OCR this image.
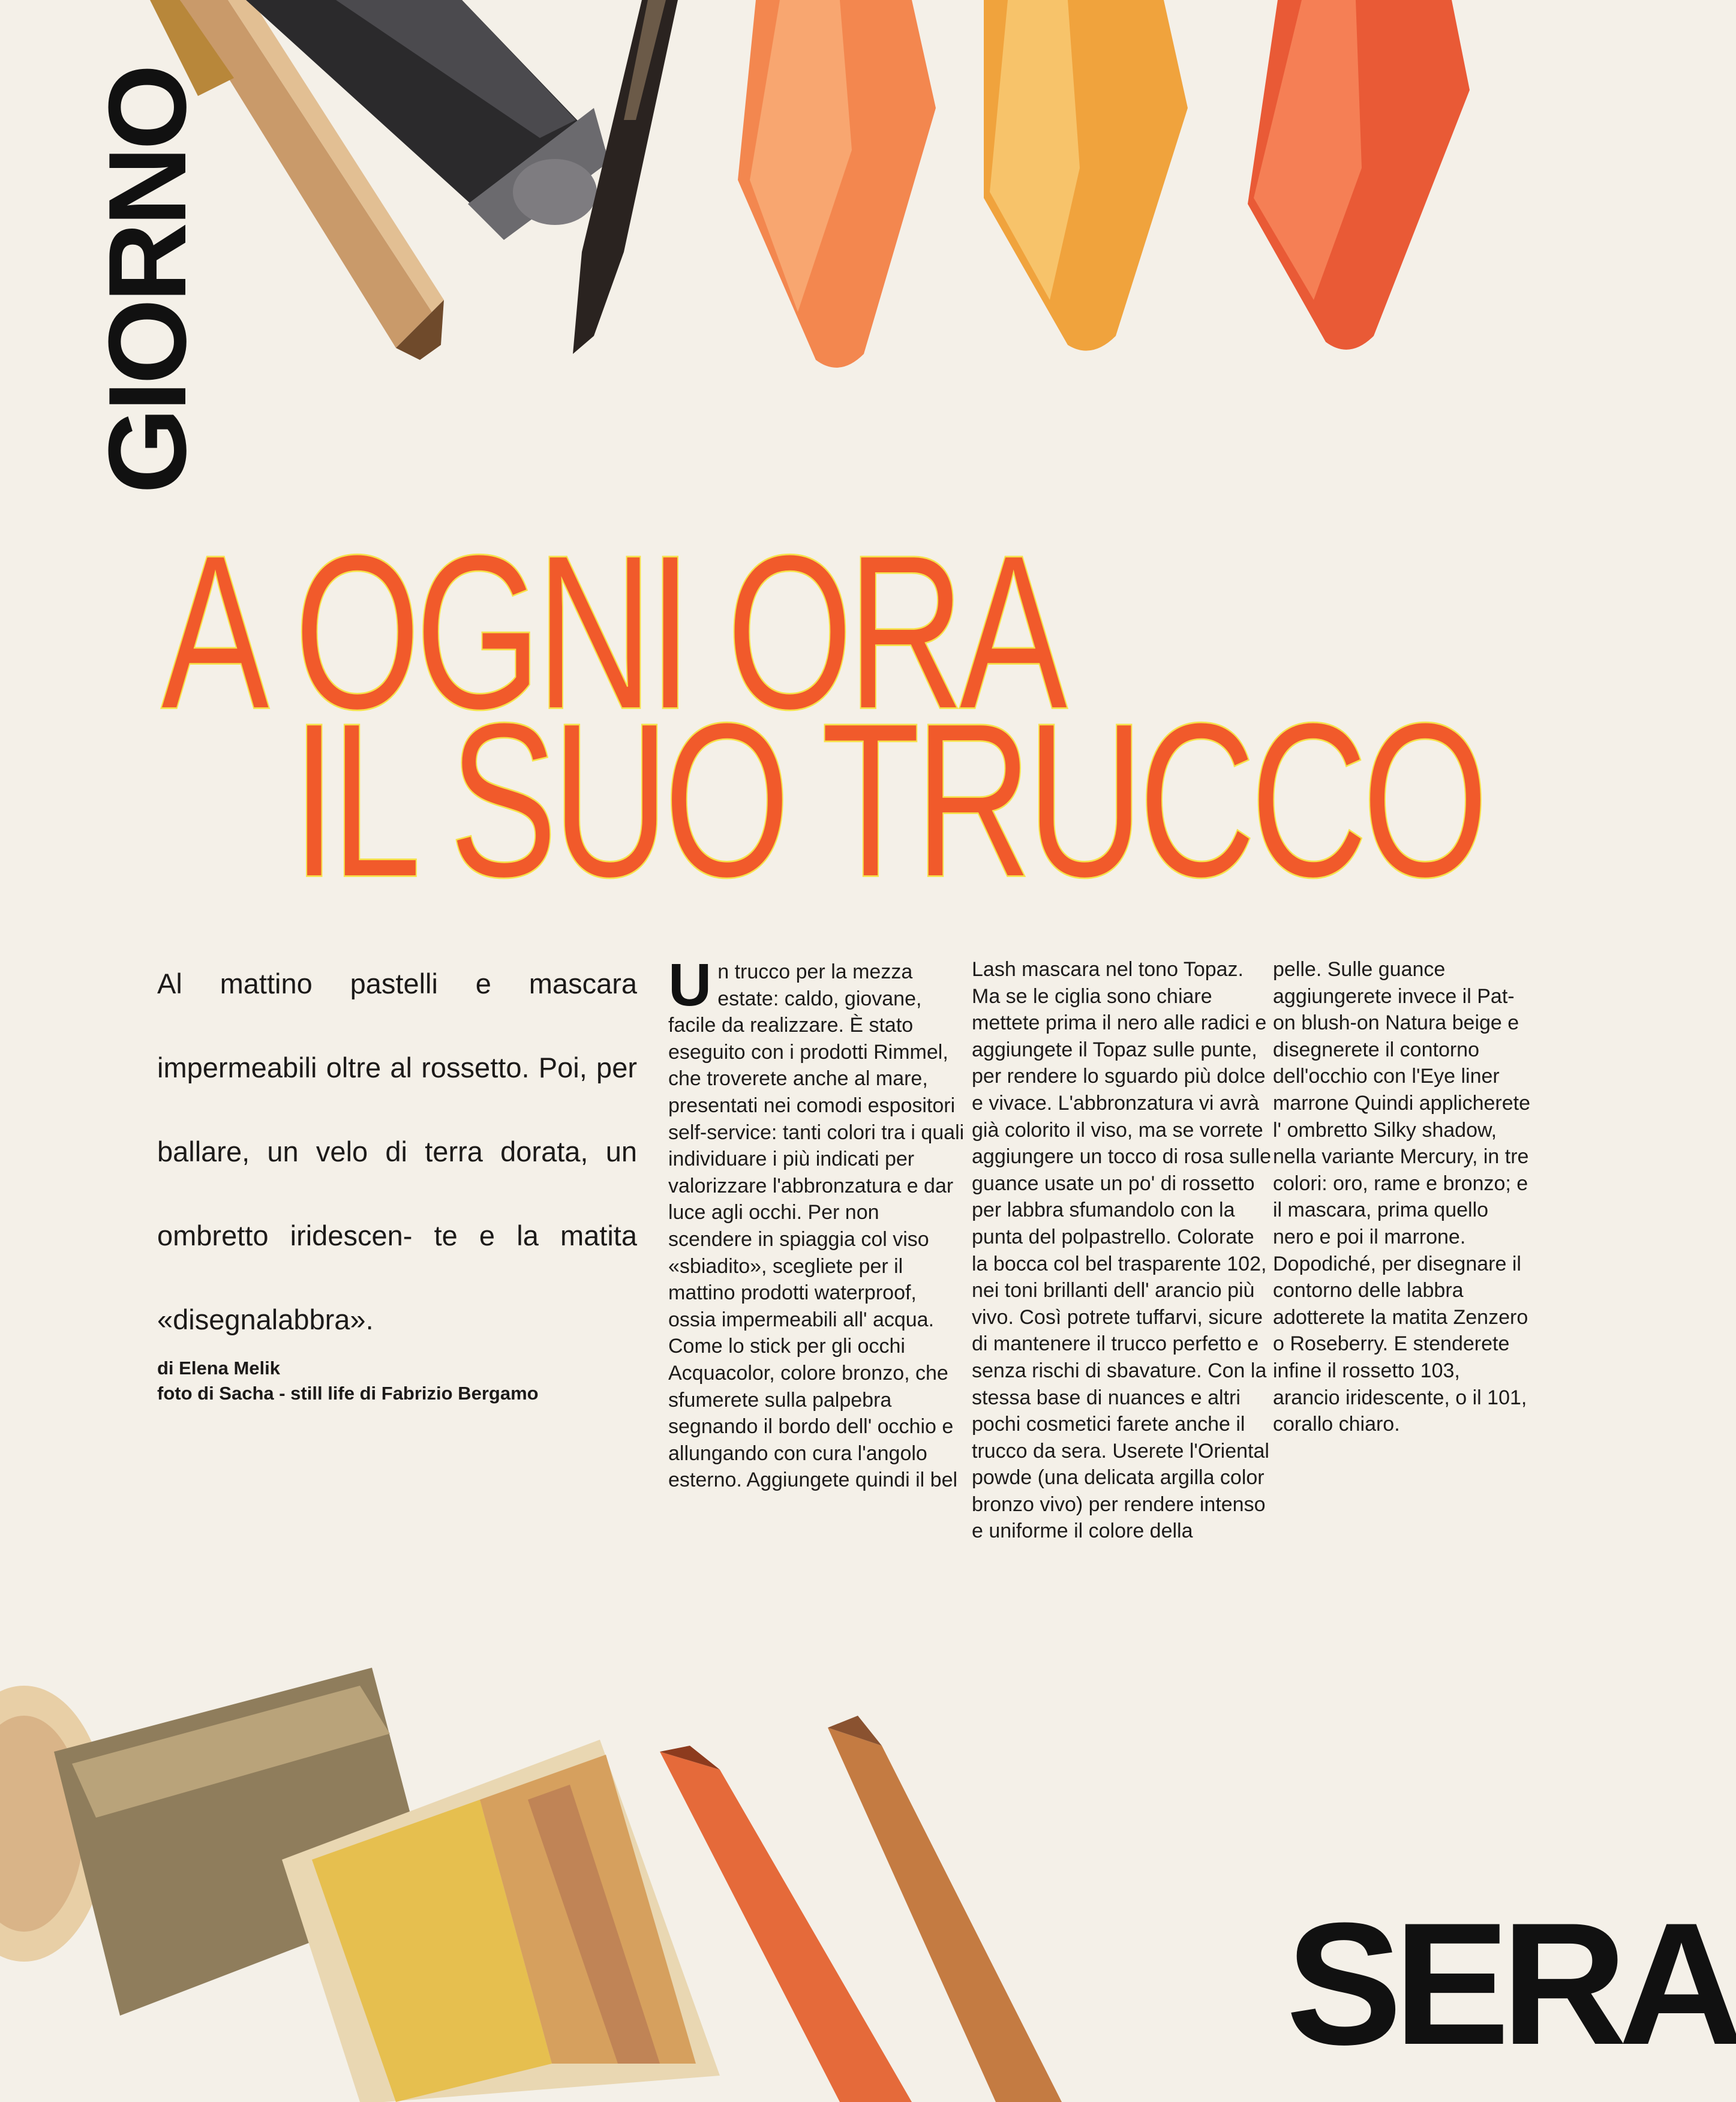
GIORNO
SERA
A OGNI ORA
IL SUO TRUCCO
Al mattino pastelli e mascara impermeabili oltre al rossetto. Poi, per ballare, un velo di terra dorata, un ombretto iridescen- te e la matita «disegnalabbra».
di Elena Melik
foto di Sacha - still life di Fabrizio Bergamo
U n trucco per la mezza estate: caldo, giovane, facile da realizzare. È stato eseguito con i prodotti Rimmel, che troverete anche al mare, presentati nei comodi espositori self-service: tanti colori tra i quali individuare i più indicati per valorizzare l'abbronzatura e dar luce agli occhi. Per non scendere in spiaggia col viso «sbiadito», sceglietе per il mattino prodotti waterproof, ossia impermeabili all' acqua. Come lo stick per gli occhi Acquacolor, colore bronzo, che sfumerete sulla palpebra segnando il bordo dell' occhio e allungando con cura l'angolo esterno. Aggiungete quindi il bel

Lash mascara nel tono Topaz. Ma se le ciglia sono chiare mettete prima il nero alle radici e aggiungete il Topaz sulle punte, per rendere lo sguardo più dolce e vivace. L'abbronzatura vi avrà già colorito il viso, ma se vorrete aggiungere un tocco di rosa sulle guance usate un po' di rossetto per labbra sfumandolo con la punta del polpastrello. Colorate la bocca col bel trasparente 102, nei toni brillanti dell' arancio più vivo. Così potrete tuffarvi, sicure di mantenere il trucco perfetto e senza rischi di sbavature. Con la stessa base di nuances e altri pochi cosmetici farete anche il trucco da sera. Userete l'Oriental powde (una delicata argilla color bronzo vivo) per rendere intenso e uniforme il colore della

pelle. Sulle guance aggiungerete invece il Pat-on blush-on Natura beige e disegnerete il contorno dell'occhio con l'Eye liner marrone Quindi applicherete l' ombretto Silky shadow, nella variante Mercury, in tre colori: oro, rame e bronzo; e il mascara, prima quello nero e poi il marrone. Dopodiché, per disegnare il contorno delle labbra adotterete la matita Zenzero o Roseberry. E stenderete infine il rossetto 103, arancio iridescente, o il 101, corallo chiaro.
